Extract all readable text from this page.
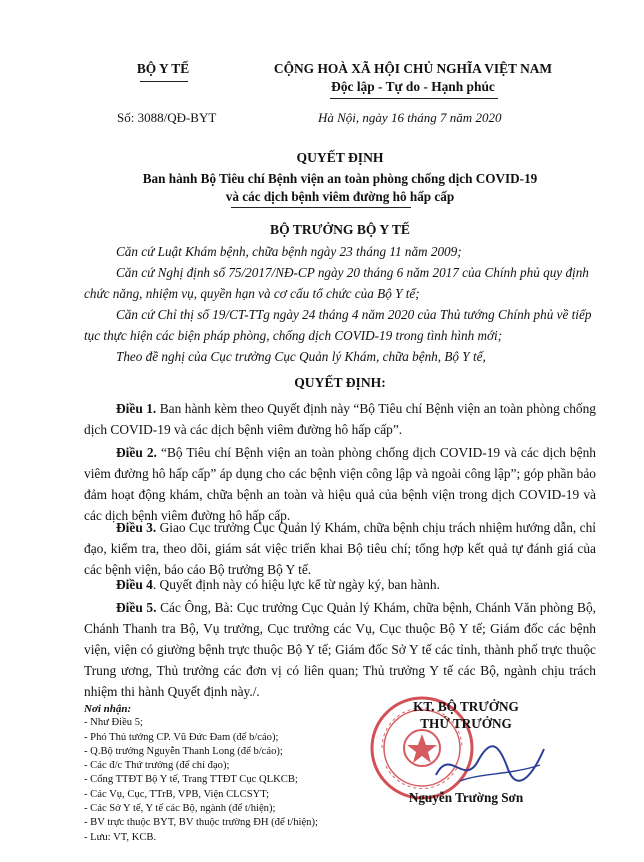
BỘ Y TẾ	CỘNG HOÀ XÃ HỘI CHỦ NGHĨA VIỆT NAM
Độc lập - Tự do - Hạnh phúc
Số: 3088/QĐ-BYT	Hà Nội, ngày 16 tháng 7 năm 2020
QUYẾT ĐỊNH
Ban hành Bộ Tiêu chí Bệnh viện an toàn phòng chống dịch COVID-19
và các dịch bệnh viêm đường hô hấp cấp
BỘ TRƯỞNG BỘ Y TẾ
Căn cứ Luật Khám bệnh, chữa bệnh ngày 23 tháng 11 năm 2009;
Căn cứ Nghị định số 75/2017/NĐ-CP ngày 20 tháng 6 năm 2017 của Chính phủ quy định chức năng, nhiệm vụ, quyền hạn và cơ cấu tổ chức của Bộ Y tế;
Căn cứ Chỉ thị số 19/CT-TTg ngày 24 tháng 4 năm 2020 của Thủ tướng Chính phủ về tiếp tục thực hiện các biện pháp phòng, chống dịch COVID-19 trong tình hình mới;
Theo đề nghị của Cục trưởng Cục Quản lý Khám, chữa bệnh, Bộ Y tế,
QUYẾT ĐỊNH:
Điều 1. Ban hành kèm theo Quyết định này “Bộ Tiêu chí Bệnh viện an toàn phòng chống dịch COVID-19 và các dịch bệnh viêm đường hô hấp cấp”.
Điều 2. “Bộ Tiêu chí Bệnh viện an toàn phòng chống dịch COVID-19 và các dịch bệnh viêm đường hô hấp cấp” áp dụng cho các bệnh viện công lập và ngoài công lập”; góp phần bảo đảm hoạt động khám, chữa bệnh an toàn và hiệu quả của bệnh viện trong dịch COVID-19 và các dịch bệnh viêm đường hô hấp cấp.
Điều 3. Giao Cục trưởng Cục Quản lý Khám, chữa bệnh chịu trách nhiệm hướng dẫn, chỉ đạo, kiểm tra, theo dõi, giám sát việc triển khai Bộ tiêu chí; tổng hợp kết quả tự đánh giá của các bệnh viện, báo cáo Bộ trưởng Bộ Y tế.
Điều 4. Quyết định này có hiệu lực kể từ ngày ký, ban hành.
Điều 5. Các Ông, Bà: Cục trưởng Cục Quản lý Khám, chữa bệnh, Chánh Văn phòng Bộ, Chánh Thanh tra Bộ, Vụ trưởng, Cục trưởng các Vụ, Cục thuộc Bộ Y tế; Giám đốc các bệnh viện, viện có giường bệnh trực thuộc Bộ Y tế; Giám đốc Sở Y tế các tỉnh, thành phố trực thuộc Trung ương, Thủ trưởng các đơn vị có liên quan; Thủ trưởng Y tế các Bộ, ngành chịu trách nhiệm thi hành Quyết định này./.
Nơi nhận:
- Như Điều 5;
- Phó Thủ tướng CP. Vũ Đức Đam (để b/cáo);
- Q.Bộ trưởng Nguyễn Thanh Long (để b/cáo);
- Các đ/c Thứ trưởng (để chỉ đạo);
- Cổng TTĐT Bộ Y tế, Trang TTĐT Cục QLKCB;
- Các Vụ, Cục, TTrB, VPB, Viện CLCSYT;
- Các Sở Y tế, Y tế các Bộ, ngành (để t/hiện);
- BV trực thuộc BYT, BV thuộc trường ĐH (để t/hiện);
- Lưu: VT, KCB.
KT. BỘ TRƯỞNG
THỨ TRƯỞNG
Nguyễn Trường Sơn
